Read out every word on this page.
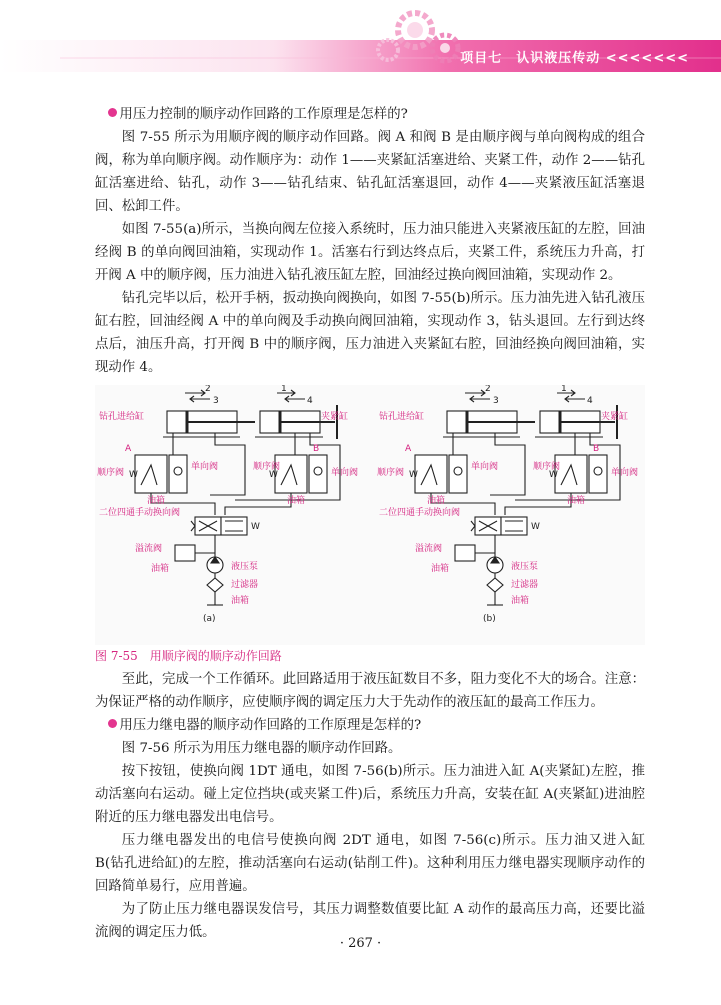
项目七　认识液压传动 <<<<<<<

用压力控制的顺序动作回路的工作原理是怎样的?

图 7-55 所示为用顺序阀的顺序动作回路。阀 A 和阀 B 是由顺序阀与单向阀构成的组合阀，称为单向顺序阀。动作顺序为：动作 1——夹紧缸活塞进给、夹紧工件，动作 2——钻孔缸活塞进给、钻孔，动作 3——钻孔结束、钻孔缸活塞退回，动作 4——夹紧液压缸活塞退回、松卸工件。

如图 7-55(a)所示，当换向阀左位接入系统时，压力油只能进入夹紧液压缸的左腔，回油经阀 B 的单向阀回油箱，实现动作 1。活塞右行到达终点后，夹紧工件，系统压力升高，打开阀 A 中的顺序阀，压力油进入钻孔液压缸左腔，回油经过换向阀回油箱，实现动作 2。

钻孔完毕以后，松开手柄，扳动换向阀换向，如图 7-55(b)所示。压力油先进入钻孔液压缸右腔，回油经阀 A 中的单向阀及手动换向阀回油箱，实现动作 3，钻头退回。左行到达终点后，油压升高，打开阀 B 中的顺序阀，压力油进入夹紧缸右腔，回油经换向阀回油箱，实现动作 4。

2
3
1
4
钻孔进给缸	夹紧缸
A	B
顺序阀
单向阀	顺序阀
单向阀
油箱	油箱
二位四通手动换向阀
溢流阀
油箱	液压泵
过滤器
油箱
W	W
W
(a)
2
3
1
4
钻孔进给缸	夹紧缸
A	B
顺序阀
单向阀	顺序阀
单向阀
油箱	油箱
二位四通手动换向阀
溢流阀
油箱	液压泵
过滤器
油箱
W	W
W
(b)

图 7-55　用顺序阀的顺序动作回路

至此，完成一个工作循环。此回路适用于液压缸数目不多，阻力变化不大的场合。注意：为保证严格的动作顺序，应使顺序阀的调定压力大于先动作的液压缸的最高工作压力。

用压力继电器的顺序动作回路的工作原理是怎样的?

图 7-56 所示为用压力继电器的顺序动作回路。

按下按钮，使换向阀 1DT 通电，如图 7-56(b)所示。压力油进入缸 A(夹紧缸)左腔，推动活塞向右运动。碰上定位挡块(或夹紧工件)后，系统压力升高，安装在缸 A(夹紧缸)进油腔附近的压力继电器发出电信号。

压力继电器发出的电信号使换向阀 2DT 通电，如图 7-56(c)所示。压力油又进入缸 B(钻孔进给缸)的左腔，推动活塞向右运动(钻削工件)。这种利用压力继电器实现顺序动作的回路简单易行，应用普遍。

为了防止压力继电器误发信号，其压力调整数值要比缸 A 动作的最高压力高，还要比溢流阀的调定压力低。

· 267 ·
